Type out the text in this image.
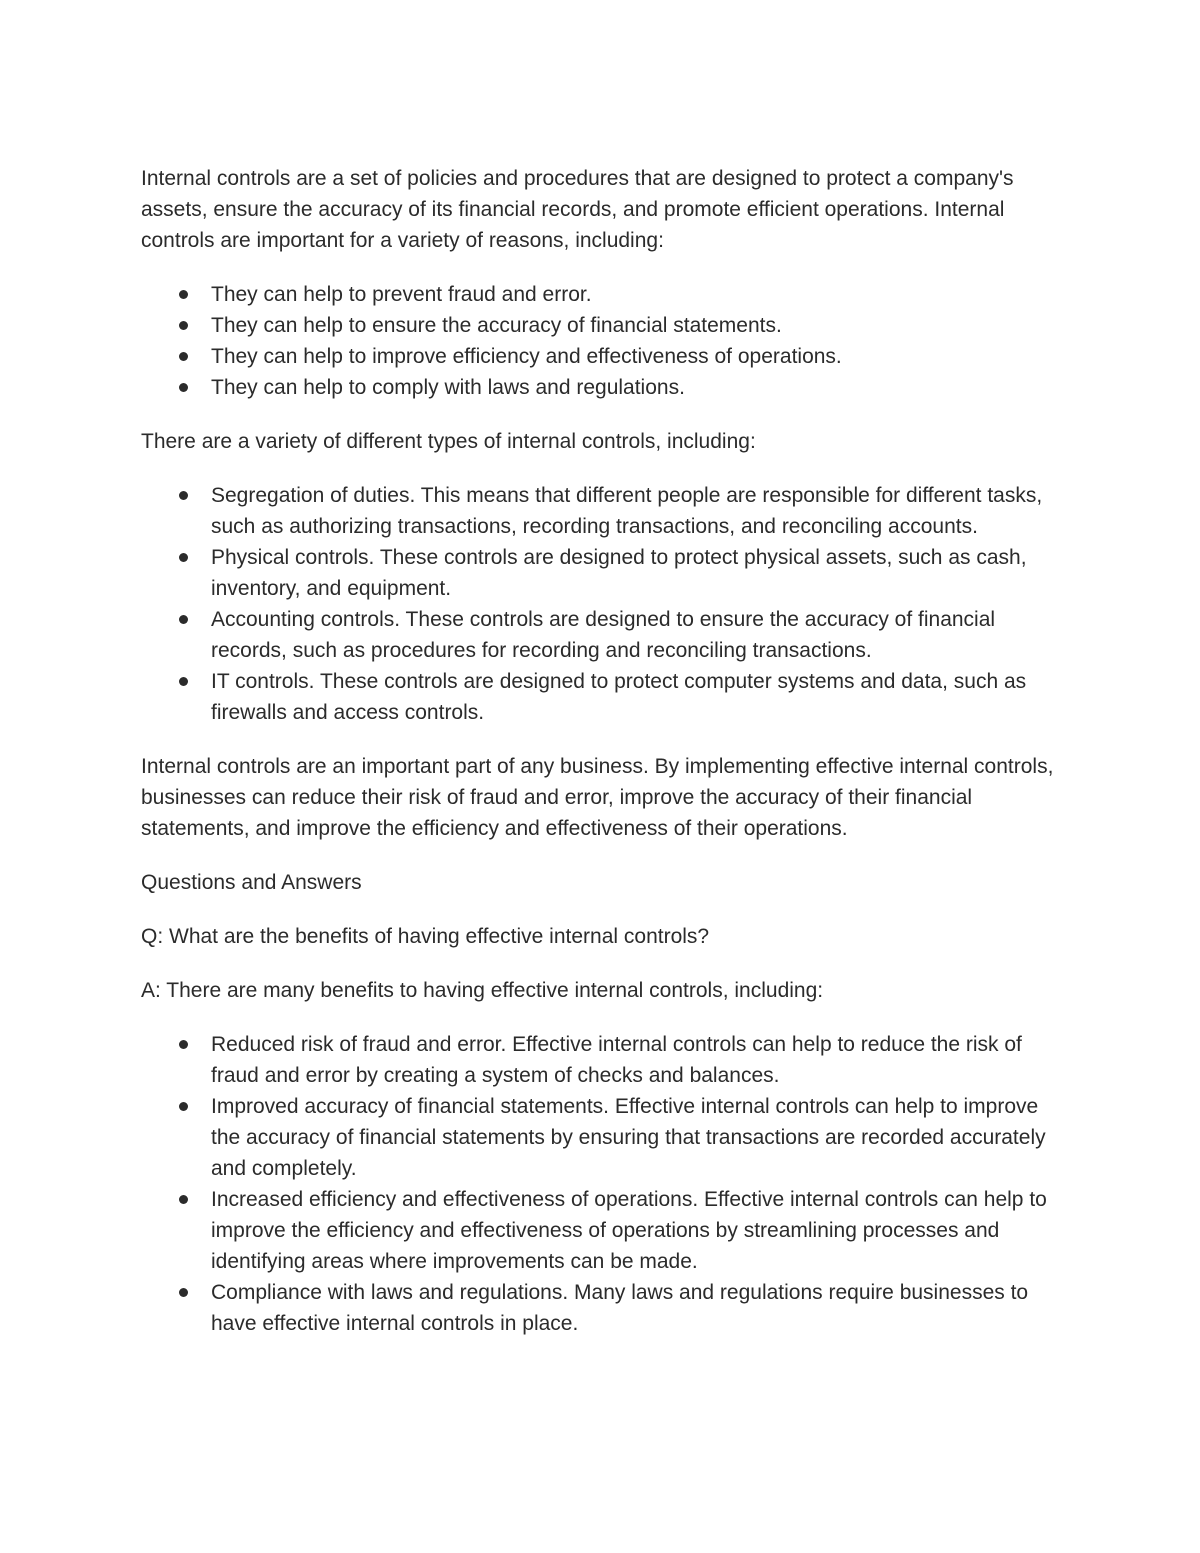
Internal controls are a set of policies and procedures that are designed to protect a company's assets, ensure the accuracy of its financial records, and promote efficient operations. Internal controls are important for a variety of reasons, including:

They can help to prevent fraud and error.
They can help to ensure the accuracy of financial statements.
They can help to improve efficiency and effectiveness of operations.
They can help to comply with laws and regulations.

There are a variety of different types of internal controls, including:

Segregation of duties. This means that different people are responsible for different tasks, such as authorizing transactions, recording transactions, and reconciling accounts.
Physical controls. These controls are designed to protect physical assets, such as cash, inventory, and equipment.
Accounting controls. These controls are designed to ensure the accuracy of financial records, such as procedures for recording and reconciling transactions.
IT controls. These controls are designed to protect computer systems and data, such as firewalls and access controls.

Internal controls are an important part of any business. By implementing effective internal controls, businesses can reduce their risk of fraud and error, improve the accuracy of their financial statements, and improve the efficiency and effectiveness of their operations.

Questions and Answers

Q: What are the benefits of having effective internal controls?

A: There are many benefits to having effective internal controls, including:

Reduced risk of fraud and error. Effective internal controls can help to reduce the risk of fraud and error by creating a system of checks and balances.
Improved accuracy of financial statements. Effective internal controls can help to improve the accuracy of financial statements by ensuring that transactions are recorded accurately and completely.
Increased efficiency and effectiveness of operations. Effective internal controls can help to improve the efficiency and effectiveness of operations by streamlining processes and identifying areas where improvements can be made.
Compliance with laws and regulations. Many laws and regulations require businesses to have effective internal controls in place.
